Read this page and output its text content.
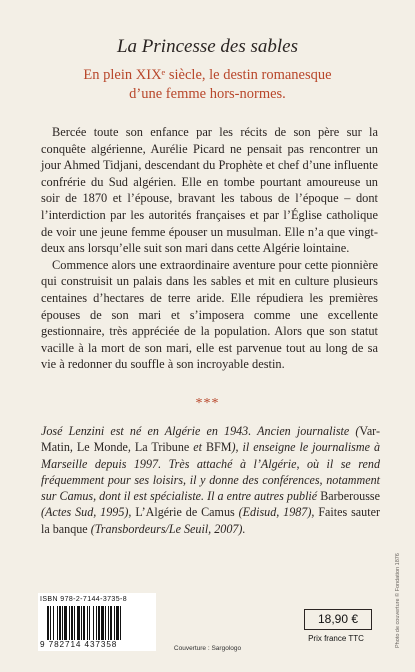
La Princesse des sables
En plein XIXᵉ siècle, le destin romanesque
d’une femme hors-normes.

Bercée toute son enfance par les récits de son père sur la conquête algérienne, Aurélie Picard ne pensait pas rencontrer un jour Ahmed Tidjani, descendant du Prophète et chef d’une influente confrérie du Sud algérien. Elle en tombe pourtant amoureuse un soir de 1870 et l’épouse, bravant les tabous de l’époque – dont l’interdiction par les autorités françaises et par l’Église catholique de voir une jeune femme épouser un musulman. Elle n’a que vingt-deux ans lorsqu’elle suit son mari dans cette Algérie lointaine.

Commence alors une extraordinaire aventure pour cette pionnière qui construisit un palais dans les sables et mit en culture plusieurs centaines d’hectares de terre aride. Elle répudiera les premières épouses de son mari et s’imposera comme une excellente gestionnaire, très appréciée de la population. Alors que son statut vacille à la mort de son mari, elle est parvenue tout au long de sa vie à redonner du souffle à son incroyable destin.

***

José Lenzini est né en Algérie en 1943. Ancien journaliste (Var-Matin, Le Monde, La Tribune et BFM), il enseigne le journalisme à Marseille depuis 1997. Très attaché à l’Algérie, où il se rend fréquemment pour ses loisirs, il y donne des conférences, notamment sur Camus, dont il est spécialiste. Il a entre autres publié Barberousse (Actes Sud, 1995), L’Algérie de Camus (Edisud, 1987), Faites sauter la banque (Transbordeurs/Le Seuil, 2007).

ISBN 978-2-7144-3735-8
9 782714 437358	Couverture : Sargologo
18,90 €
Prix france TTC	Photo de couverture © Fondation 1876
